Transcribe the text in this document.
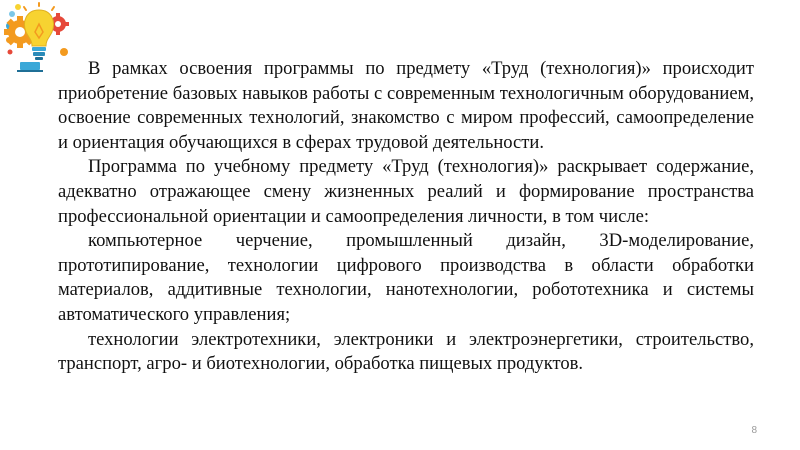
В рамках освоения программы по предмету «Труд (технология)» происходит приобретение базовых навыков работы с современным технологичным оборудованием, освоение современных технологий, знакомство с миром профессий, самоопределение и ориентация обучающихся в сферах трудовой деятельности.

Программа по учебному предмету «Труд (технология)» раскрывает содержание, адекватно отражающее смену жизненных реалий и формирование пространства профессиональной ориентации и самоопределения личности, в том числе:

компьютерное черчение, промышленный дизайн, 3D-моделирование, прототипирование, технологии цифрового производства в области обработки материалов, аддитивные технологии, нанотехнологии, робототехника и системы автоматического управления;

технологии электротехники, электроники и электроэнергетики, строительство, транспорт, агро- и биотехнологии, обработка пищевых продуктов.

8
